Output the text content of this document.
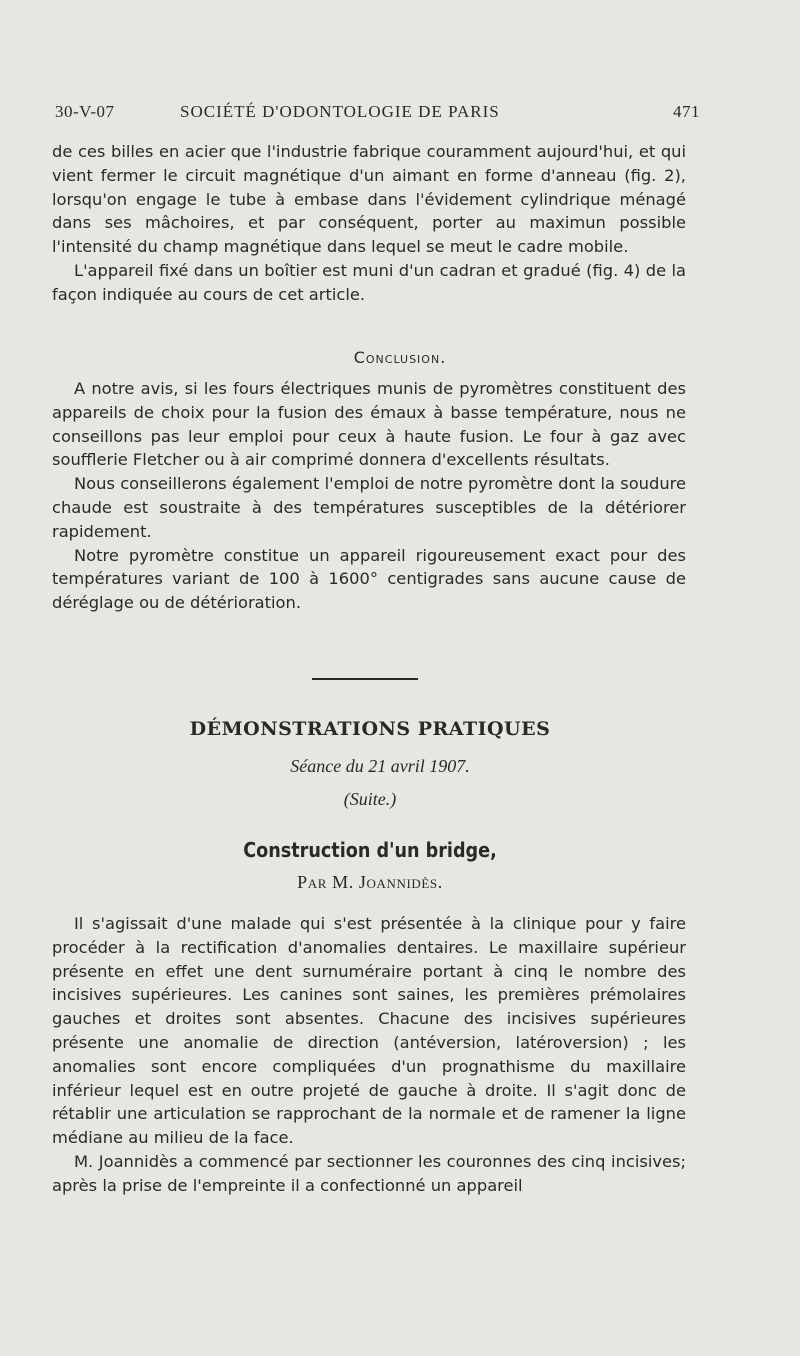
30-V-07	SOCIÉTÉ D'ODONTOLOGIE DE PARIS	471

de ces billes en acier que l'industrie fabrique couramment aujourd'hui, et qui vient fermer le circuit magnétique d'un aimant en forme d'anneau (fig. 2), lorsqu'on engage le tube à embase dans l'évidement cylindrique ménagé dans ses mâchoires, et par conséquent, porter au maximun possible l'intensité du champ magnétique dans lequel se meut le cadre mobile.

L'appareil fixé dans un boîtier est muni d'un cadran et gradué (fig. 4) de la façon indiquée au cours de cet article.

Conclusion.

A notre avis, si les fours électriques munis de pyromètres constituent des appareils de choix pour la fusion des émaux à basse température, nous ne conseillons pas leur emploi pour ceux à haute fusion. Le four à gaz avec soufflerie Fletcher ou à air comprimé donnera d'excellents résultats.

Nous conseillerons également l'emploi de notre pyromètre dont la soudure chaude est soustraite à des températures susceptibles de la détériorer rapidement.

Notre pyromètre constitue un appareil rigoureusement exact pour des températures variant de 100 à 1600° centigrades sans aucune cause de déréglage ou de détérioration.

DÉMONSTRATIONS PRATIQUES
Séance du 21 avril 1907.
(Suite.)
Construction d'un bridge,
Par M. Joannidès.

Il s'agissait d'une malade qui s'est présentée à la clinique pour y faire procéder à la rectification d'anomalies dentaires. Le maxillaire supérieur présente en effet une dent surnuméraire portant à cinq le nombre des incisives supérieures. Les canines sont saines, les premières prémolaires gauches et droites sont absentes. Chacune des incisives supérieures présente une anomalie de direction (antéversion, latéroversion) ; les anomalies sont encore compliquées d'un prognathisme du maxillaire inférieur lequel est en outre projeté de gauche à droite. Il s'agit donc de rétablir une articulation se rapprochant de la normale et de ramener la ligne médiane au milieu de la face.

M. Joannidès a commencé par sectionner les couronnes des cinq incisives; après la prise de l'empreinte il a confectionné un appareil
